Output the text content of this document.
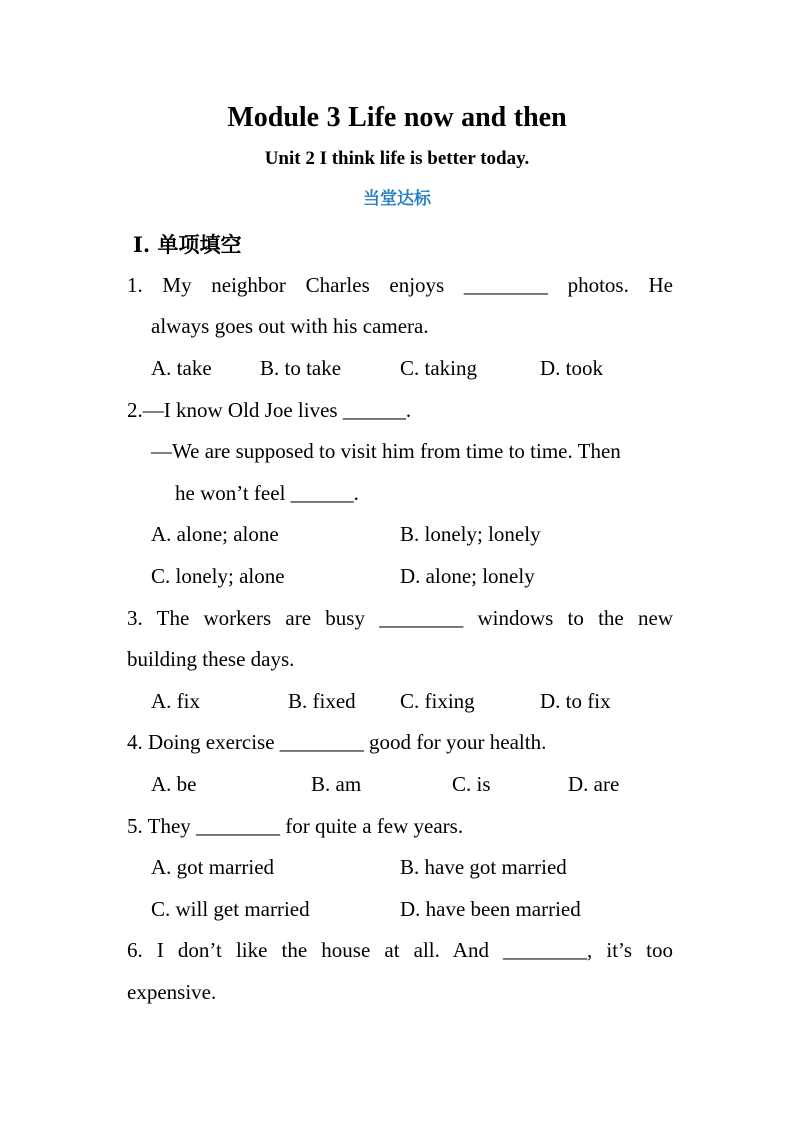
Module 3 Life now and then
Unit 2 I think life is better today.
当堂达标
Ⅰ. 单项填空
1. My neighbor Charles enjoys ________ photos. He
always goes out with his camera.
A. take B. to take	C. taking	D. took
2.—I know Old Joe lives ______.
—We are supposed to visit him from time to time. Then
he won’t feel ______.
A. alone; alone	B. lonely; lonely
C. lonely; alone	D. alone; lonely
3. The workers are busy ________ windows to the new
building these days.
A. fix	B. fixed C. fixing	D. to fix
4. Doing exercise ________ good for your health.
A. be	B. am	C. is	D. are
5. They ________ for quite a few years.
A. got married	B. have got married
C. will get married	D. have been married
6. I don’t like the house at all. And ________, it’s too
expensive.
